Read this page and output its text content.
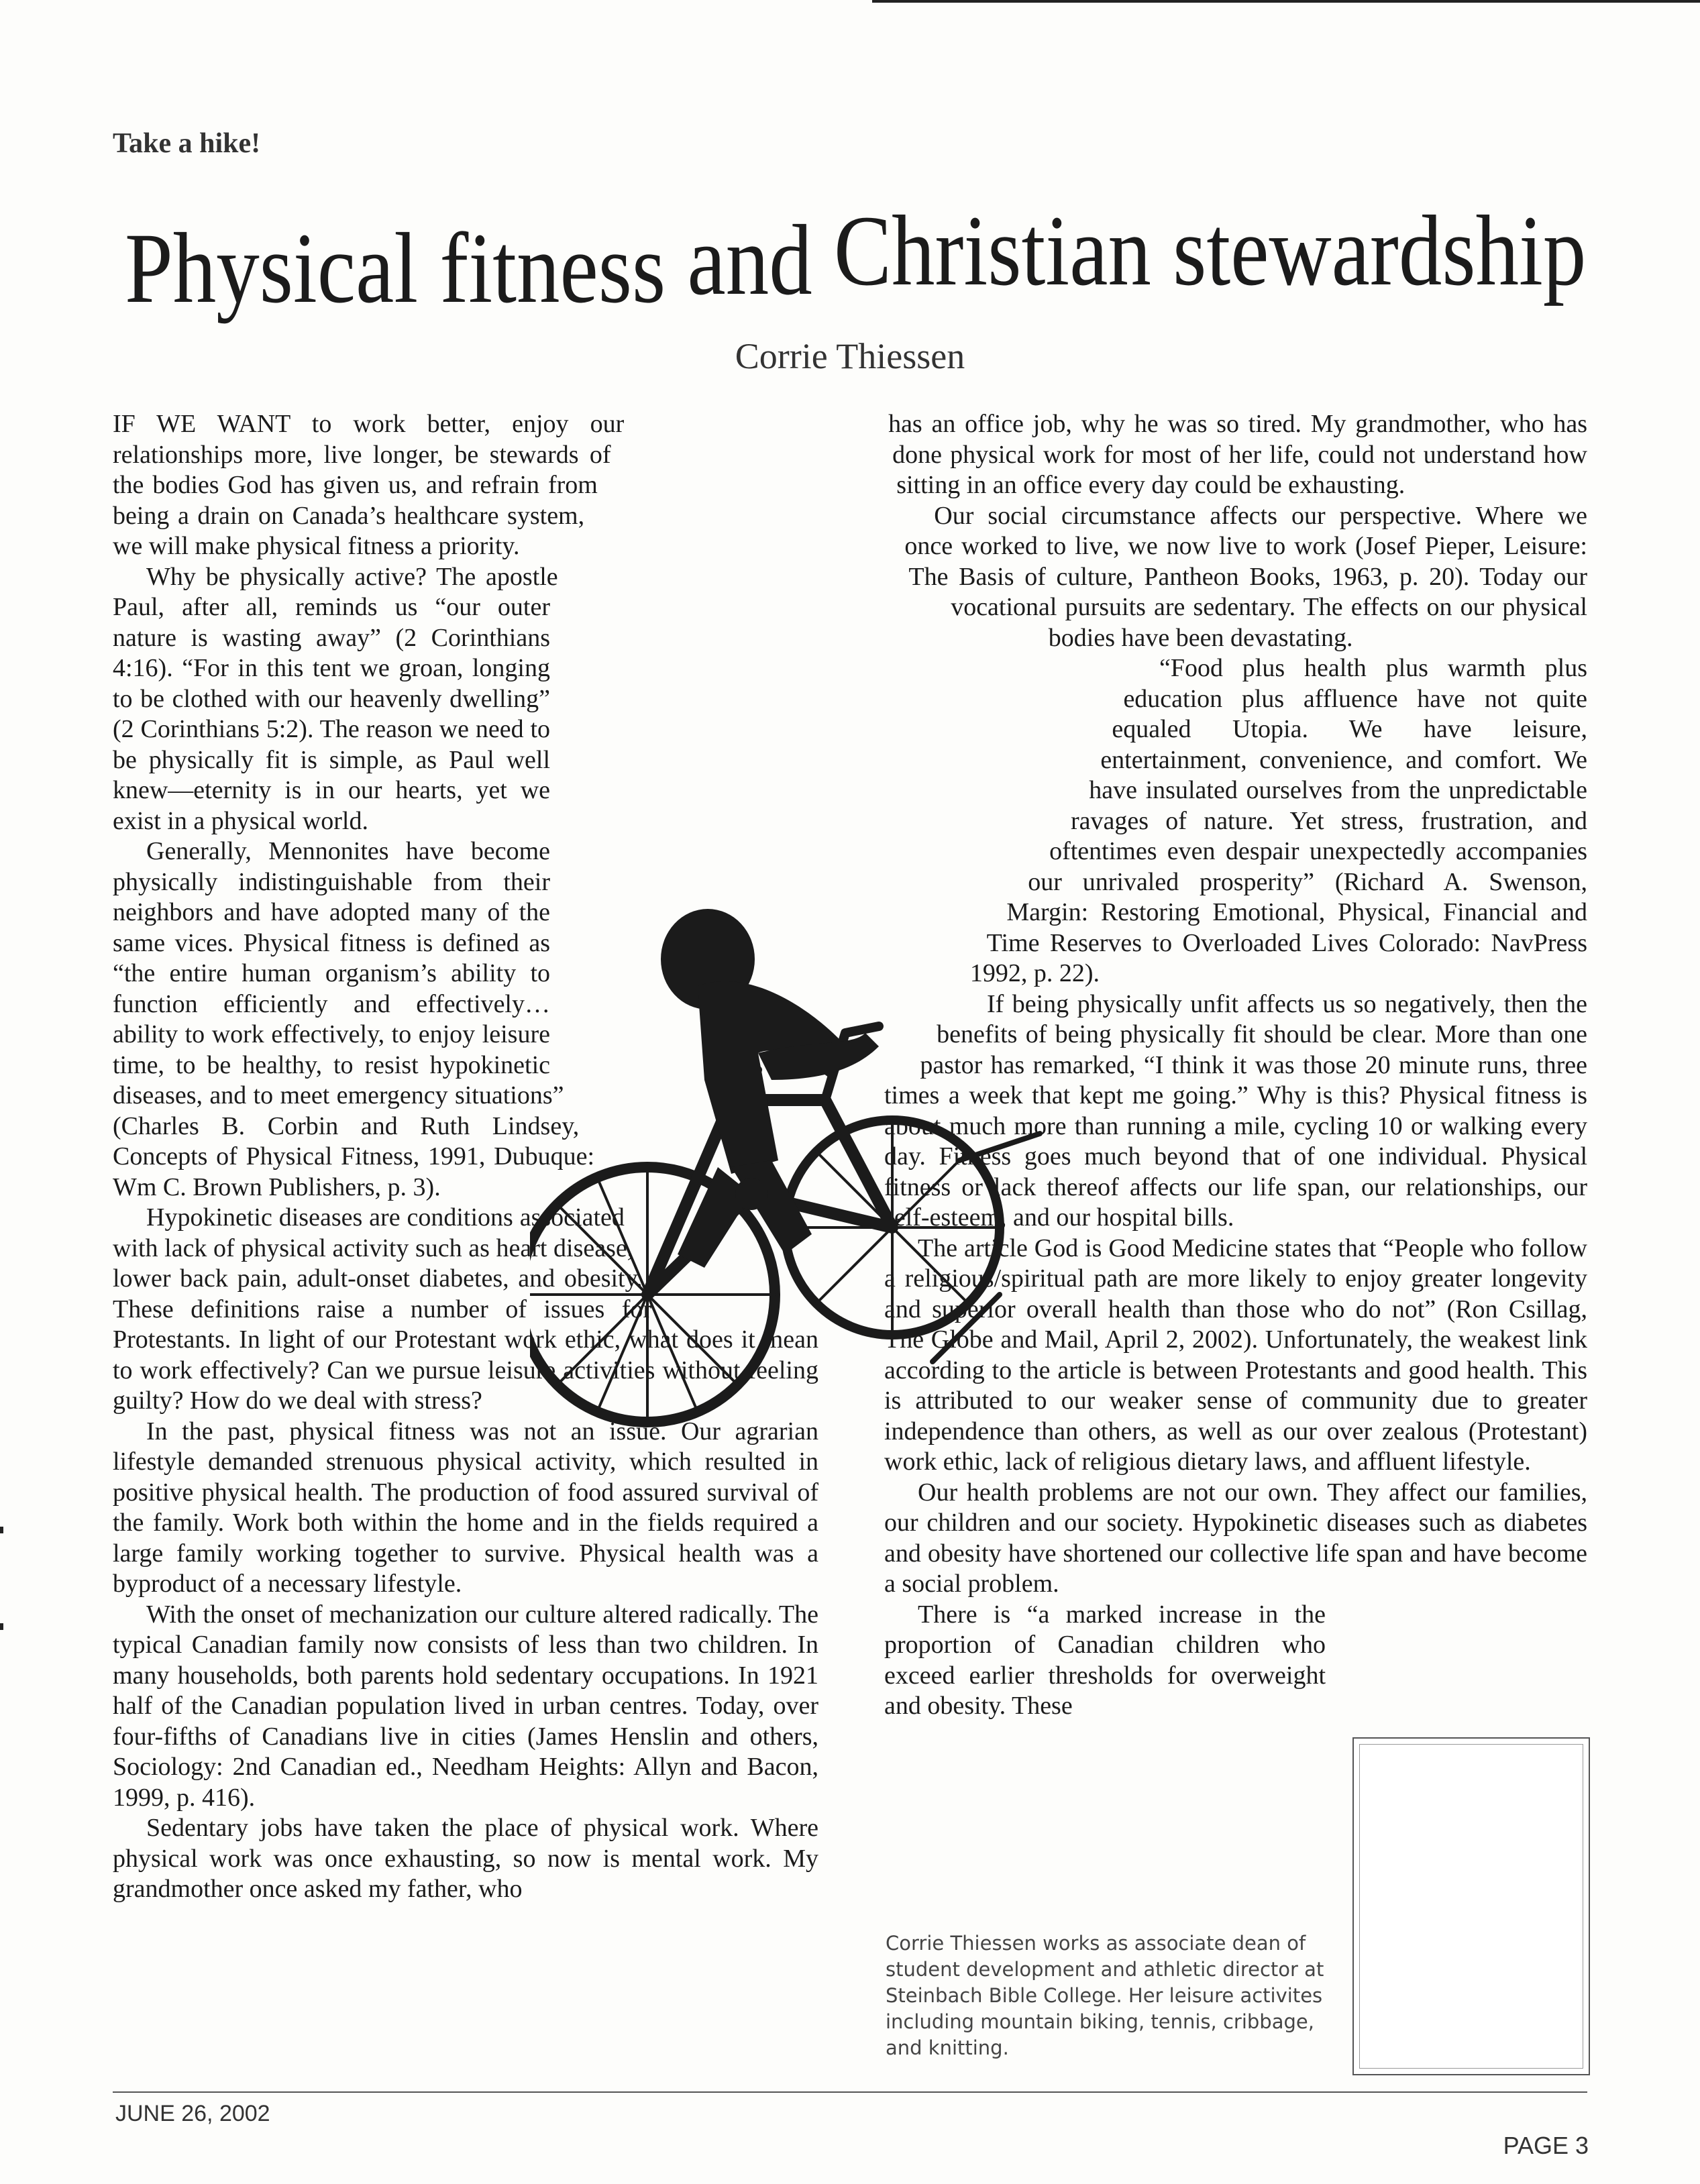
Take a hike!
Physical fitness and Christian stewardship
Corrie Thiessen

IF WE WANT to work better, enjoy our relationships more, live longer, be stewards of the bodies God has given us, and refrain from being a drain on Canada’s healthcare system, we will make physical fitness a priority.

Why be physically active? The apostle Paul, after all, reminds us “our outer nature is wasting away” (2 Corinthians 4:16). “For in this tent we groan, longing to be clothed with our heavenly dwelling” (2 Corinthians 5:2). The reason we need to be physically fit is simple, as Paul well knew—eternity is in our hearts, yet we exist in a physical world.

Generally, Mennonites have become physically indistinguishable from their neighbors and have adopted many of the same vices. Physical fitness is defined as “the entire human organism’s ability to function efficiently and effectively…ability to work effectively, to enjoy leisure time, to be healthy, to resist hypokinetic diseases, and to meet emergency situations” (Charles B. Corbin and Ruth Lindsey, Concepts of Physical Fitness, 1991, Dubuque: Wm C. Brown Publishers, p. 3).

Hypokinetic diseases are conditions associated with lack of physical activity such as heart disease, lower back pain, adult-onset diabetes, and obesity. These definitions raise a number of issues for Protestants. In light of our Protestant work ethic, what does it mean to work effectively? Can we pursue leisure activities without feeling guilty? How do we deal with stress?

In the past, physical fitness was not an issue. Our agrarian lifestyle demanded strenuous physical activity, which resulted in positive physical health. The production of food assured survival of the family. Work both within the home and in the fields required a large family working together to survive. Physical health was a byproduct of a necessary lifestyle.

With the onset of mechanization our culture altered radically. The typical Canadian family now consists of less than two children. In many households, both parents hold sedentary occupations. In 1921 half of the Canadian population lived in urban centres. Today, over four-fifths of Canadians live in cities (James Henslin and others, Sociology: 2nd Canadian ed., Needham Heights: Allyn and Bacon, 1999, p. 416).

Sedentary jobs have taken the place of physical work. Where physical work was once exhausting, so now is mental work. My grandmother once asked my father, who

has an office job, why he was so tired. My grandmother, who has done physical work for most of her life, could not understand how sitting in an office every day could be exhausting.

Our social circumstance affects our perspective. Where we once worked to live, we now live to work (Josef Pieper, Leisure: The Basis of culture, Pantheon Books, 1963, p. 20). Today our vocational pursuits are sedentary. The effects on our physical bodies have been devastating.

“Food plus health plus warmth plus education plus affluence have not quite equaled Utopia. We have leisure, entertainment, convenience, and comfort. We have insulated ourselves from the unpredictable ravages of nature. Yet stress, frustration, and oftentimes even despair unexpectedly accompanies our unrivaled prosperity” (Richard A. Swenson, Margin: Restoring Emotional, Physical, Financial and Time Reserves to Overloaded Lives Colorado: NavPress 1992, p. 22).

If being physically unfit affects us so negatively, then the benefits of being physically fit should be clear. More than one pastor has remarked, “I think it was those 20 minute runs, three times a week that kept me going.” Why is this? Physical fitness is about much more than running a mile, cycling 10 or walking every day. Fitness goes much beyond that of one individual. Physical fitness or lack thereof affects our life span, our relationships, our self-esteem, and our hospital bills.

The article God is Good Medicine states that “People who follow a religious/spiritual path are more likely to enjoy greater longevity and superior overall health than those who do not” (Ron Csillag, The Globe and Mail, April 2, 2002). Unfortunately, the weakest link according to the article is between Protestants and good health. This is attributed to our weaker sense of community due to greater independence than others, as well as our over zealous (Protestant) work ethic, lack of religious dietary laws, and affluent lifestyle.

Our health problems are not our own. They affect our families, our children and our society. Hypokinetic diseases such as diabetes and obesity have shortened our collective life span and have become a social problem.

There is “a marked increase in the proportion of Canadian children who exceed earlier thresholds for overweight and obesity. These

Corrie Thiessen works as associate dean of student development and athletic director at Steinbach Bible College. Her leisure activites including mountain biking, tennis, cribbage, and knitting.
JUNE 26, 2002
PAGE 3
